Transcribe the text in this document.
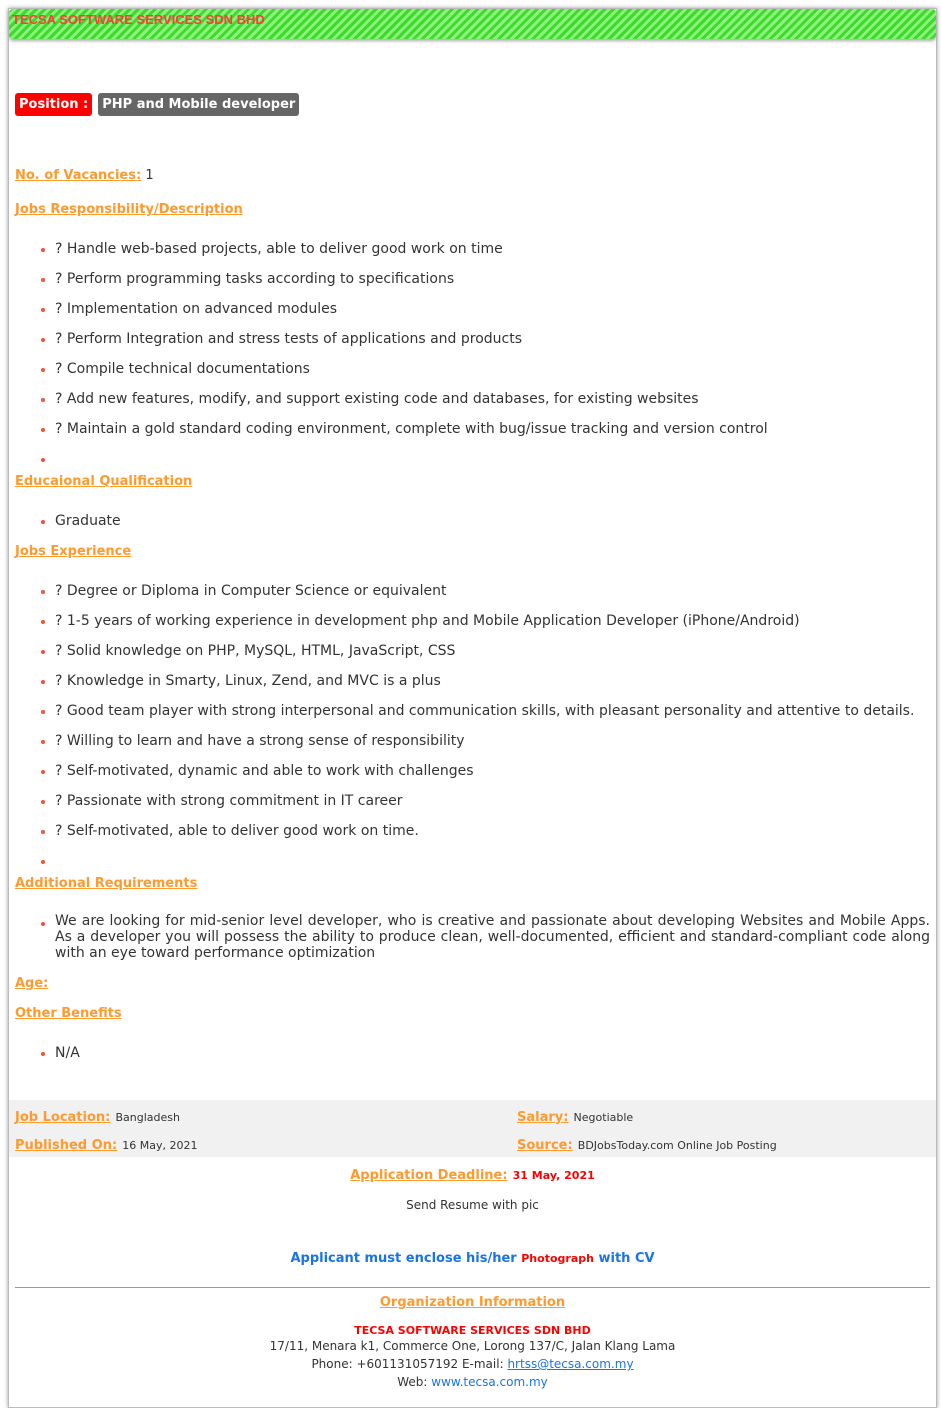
TECSA SOFTWARE SERVICES SDN BHD
Position :	PHP and Mobile developer
No. of Vacancies: 1
Jobs Responsibility/Description
? Handle web-based projects, able to deliver good work on time
? Perform programming tasks according to specifications
? Implementation on advanced modules
? Perform Integration and stress tests of applications and products
? Compile technical documentations
? Add new features, modify, and support existing code and databases, for existing websites
? Maintain a gold standard coding environment, complete with bug/issue tracking and version control
Educaional Qualification
Graduate
Jobs Experience
? Degree or Diploma in Computer Science or equivalent
? 1-5 years of working experience in development php and Mobile Application Developer (iPhone/Android)
? Solid knowledge on PHP, MySQL, HTML, JavaScript, CSS
? Knowledge in Smarty, Linux, Zend, and MVC is a plus
? Good team player with strong interpersonal and communication skills, with pleasant personality and attentive to details.
? Willing to learn and have a strong sense of responsibility
? Self-motivated, dynamic and able to work with challenges
? Passionate with strong commitment in IT career
? Self-motivated, able to deliver good work on time.
Additional Requirements
We are looking for mid-senior level developer, who is creative and passionate about developing Websites and Mobile Apps. As a developer you will possess the ability to produce clean, well-documented, efficient and standard-compliant code along with an eye toward performance optimization
Age:
Other Benefits
N/A
Job Location: Bangladesh	Salary: Negotiable
Published On: 16 May, 2021	Source: BDJobsToday.com Online Job Posting
Application Deadline: 31 May, 2021
Send Resume with pic
Applicant must enclose his/her Photograph with CV
Organization Information
TECSA SOFTWARE SERVICES SDN BHD
17/11, Menara k1, Commerce One, Lorong 137/C, Jalan Klang Lama
Phone: +601131057192 E-mail: hrtss@tecsa.com.my
Web: www.tecsa.com.my
